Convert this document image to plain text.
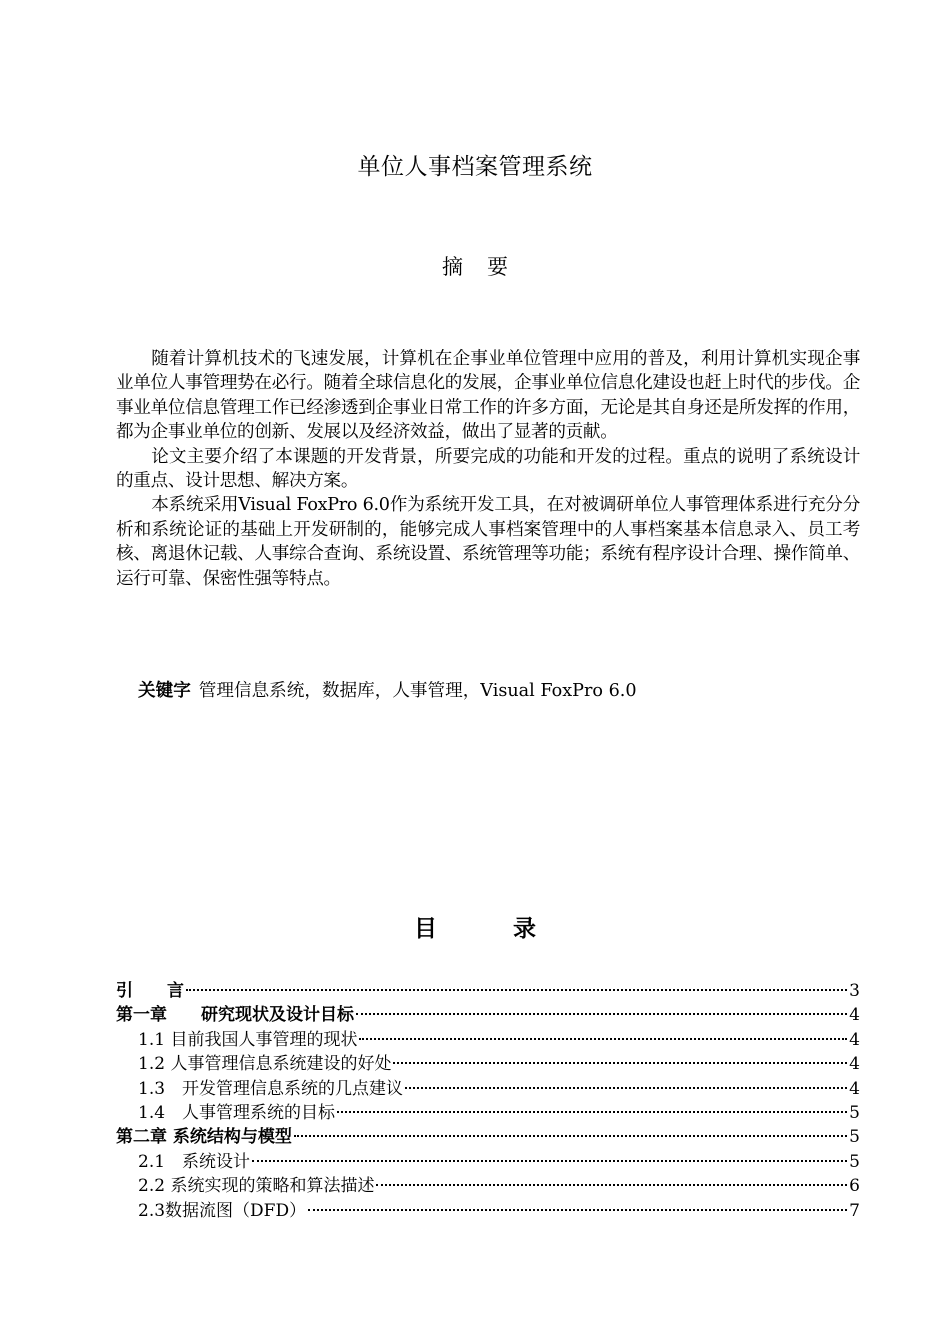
单位人事档案管理系统
摘要

随着计算机技术的飞速发展，计算机在企事业单位管理中应用的普及，利用计算机实现企事业单位人事管理势在必行。随着全球信息化的发展，企事业单位信息化建设也赶上时代的步伐。企事业单位信息管理工作已经渗透到企事业日常工作的许多方面，无论是其自身还是所发挥的作用，都为企事业单位的创新、发展以及经济效益，做出了显著的贡献。

论文主要介绍了本课题的开发背景，所要完成的功能和开发的过程。重点的说明了系统设计的重点、设计思想、解决方案。

本系统采用Visual FoxPro 6.0作为系统开发工具，在对被调研单位人事管理体系进行充分分析和系统论证的基础上开发研制的，能够完成人事档案管理中的人事档案基本信息录入、员工考核、离退休记载、人事综合查询、系统设置、系统管理等功能；系统有程序设计合理、操作简单、运行可靠、保密性强等特点。

关键字 管理信息系统，数据库，人事管理，Visual FoxPro 6.0
目	录
引　　言	3
第一章　　研究现状及设计目标	4
1.1 目前我国人事管理的现状	4
1.2 人事管理信息系统建设的好处	4
1.3　开发管理信息系统的几点建议	4
1.4　人事管理系统的目标	5
第二章 系统结构与模型	5
2.1　系统设计	5
2.2 系统实现的策略和算法描述	6
2.3数据流图（DFD）	7
